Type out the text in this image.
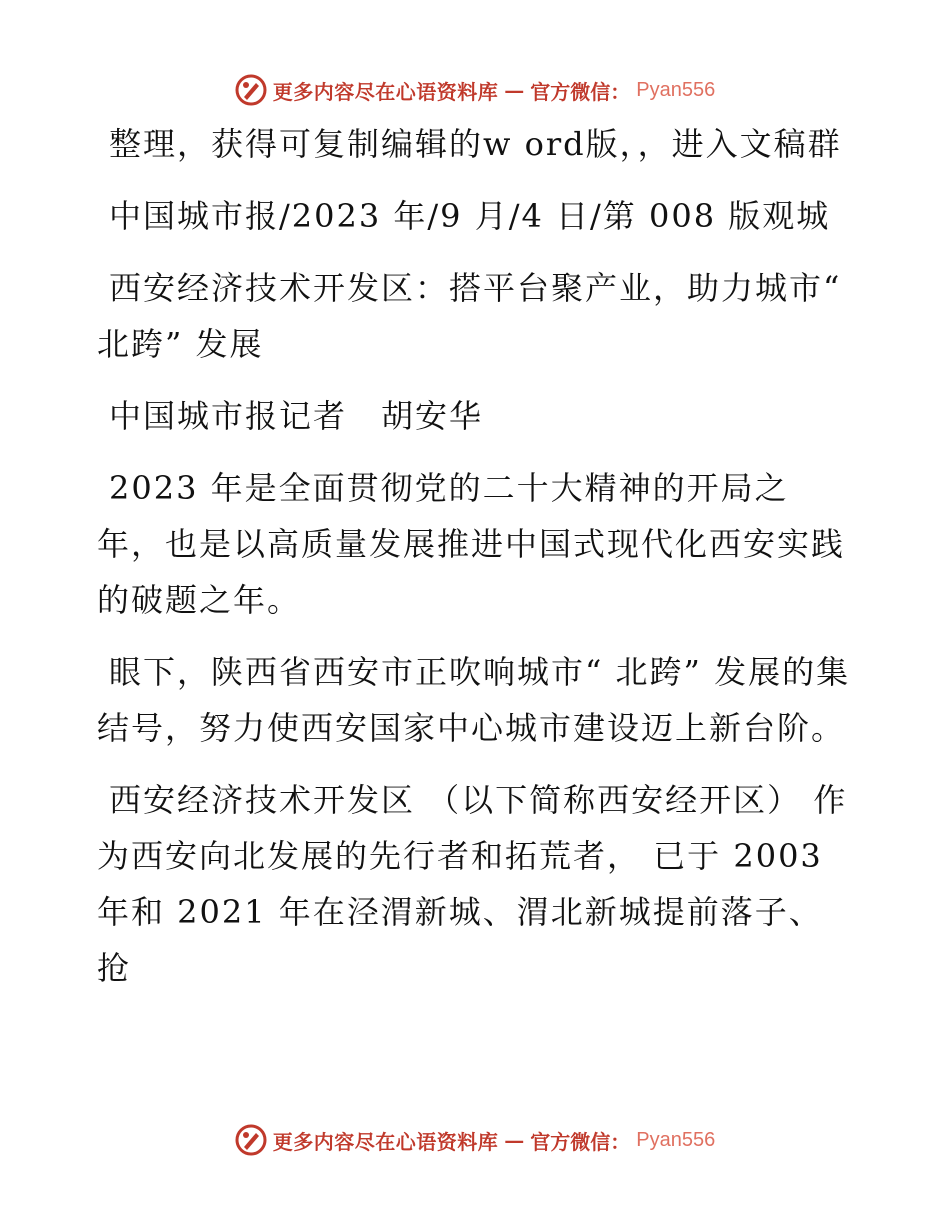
更多内容尽在心语资料库 — 官方微信： Pyan556

整理，获得可复制编辑的w ord版，，进入文稿群

中国城市报/2023 年/9 月/4 日/第 008 版观城

西安经济技术开发区：搭平台聚产业，助力城市“ 北跨” 发展

中国城市报记者　胡安华

2023 年是全面贯彻党的二十大精神的开局之年，也是以高质量发展推进中国式现代化西安实践的破题之年。

眼下，陕西省西安市正吹响城市“ 北跨” 发展的集结号，努力使西安国家中心城市建设迈上新台阶。

西安经济技术开发区 （以下简称西安经开区） 作为西安向北发展的先行者和拓荒者， 已于 2003 年和 2021 年在泾渭新城、渭北新城提前落子、抢

更多内容尽在心语资料库 — 官方微信： Pyan556
